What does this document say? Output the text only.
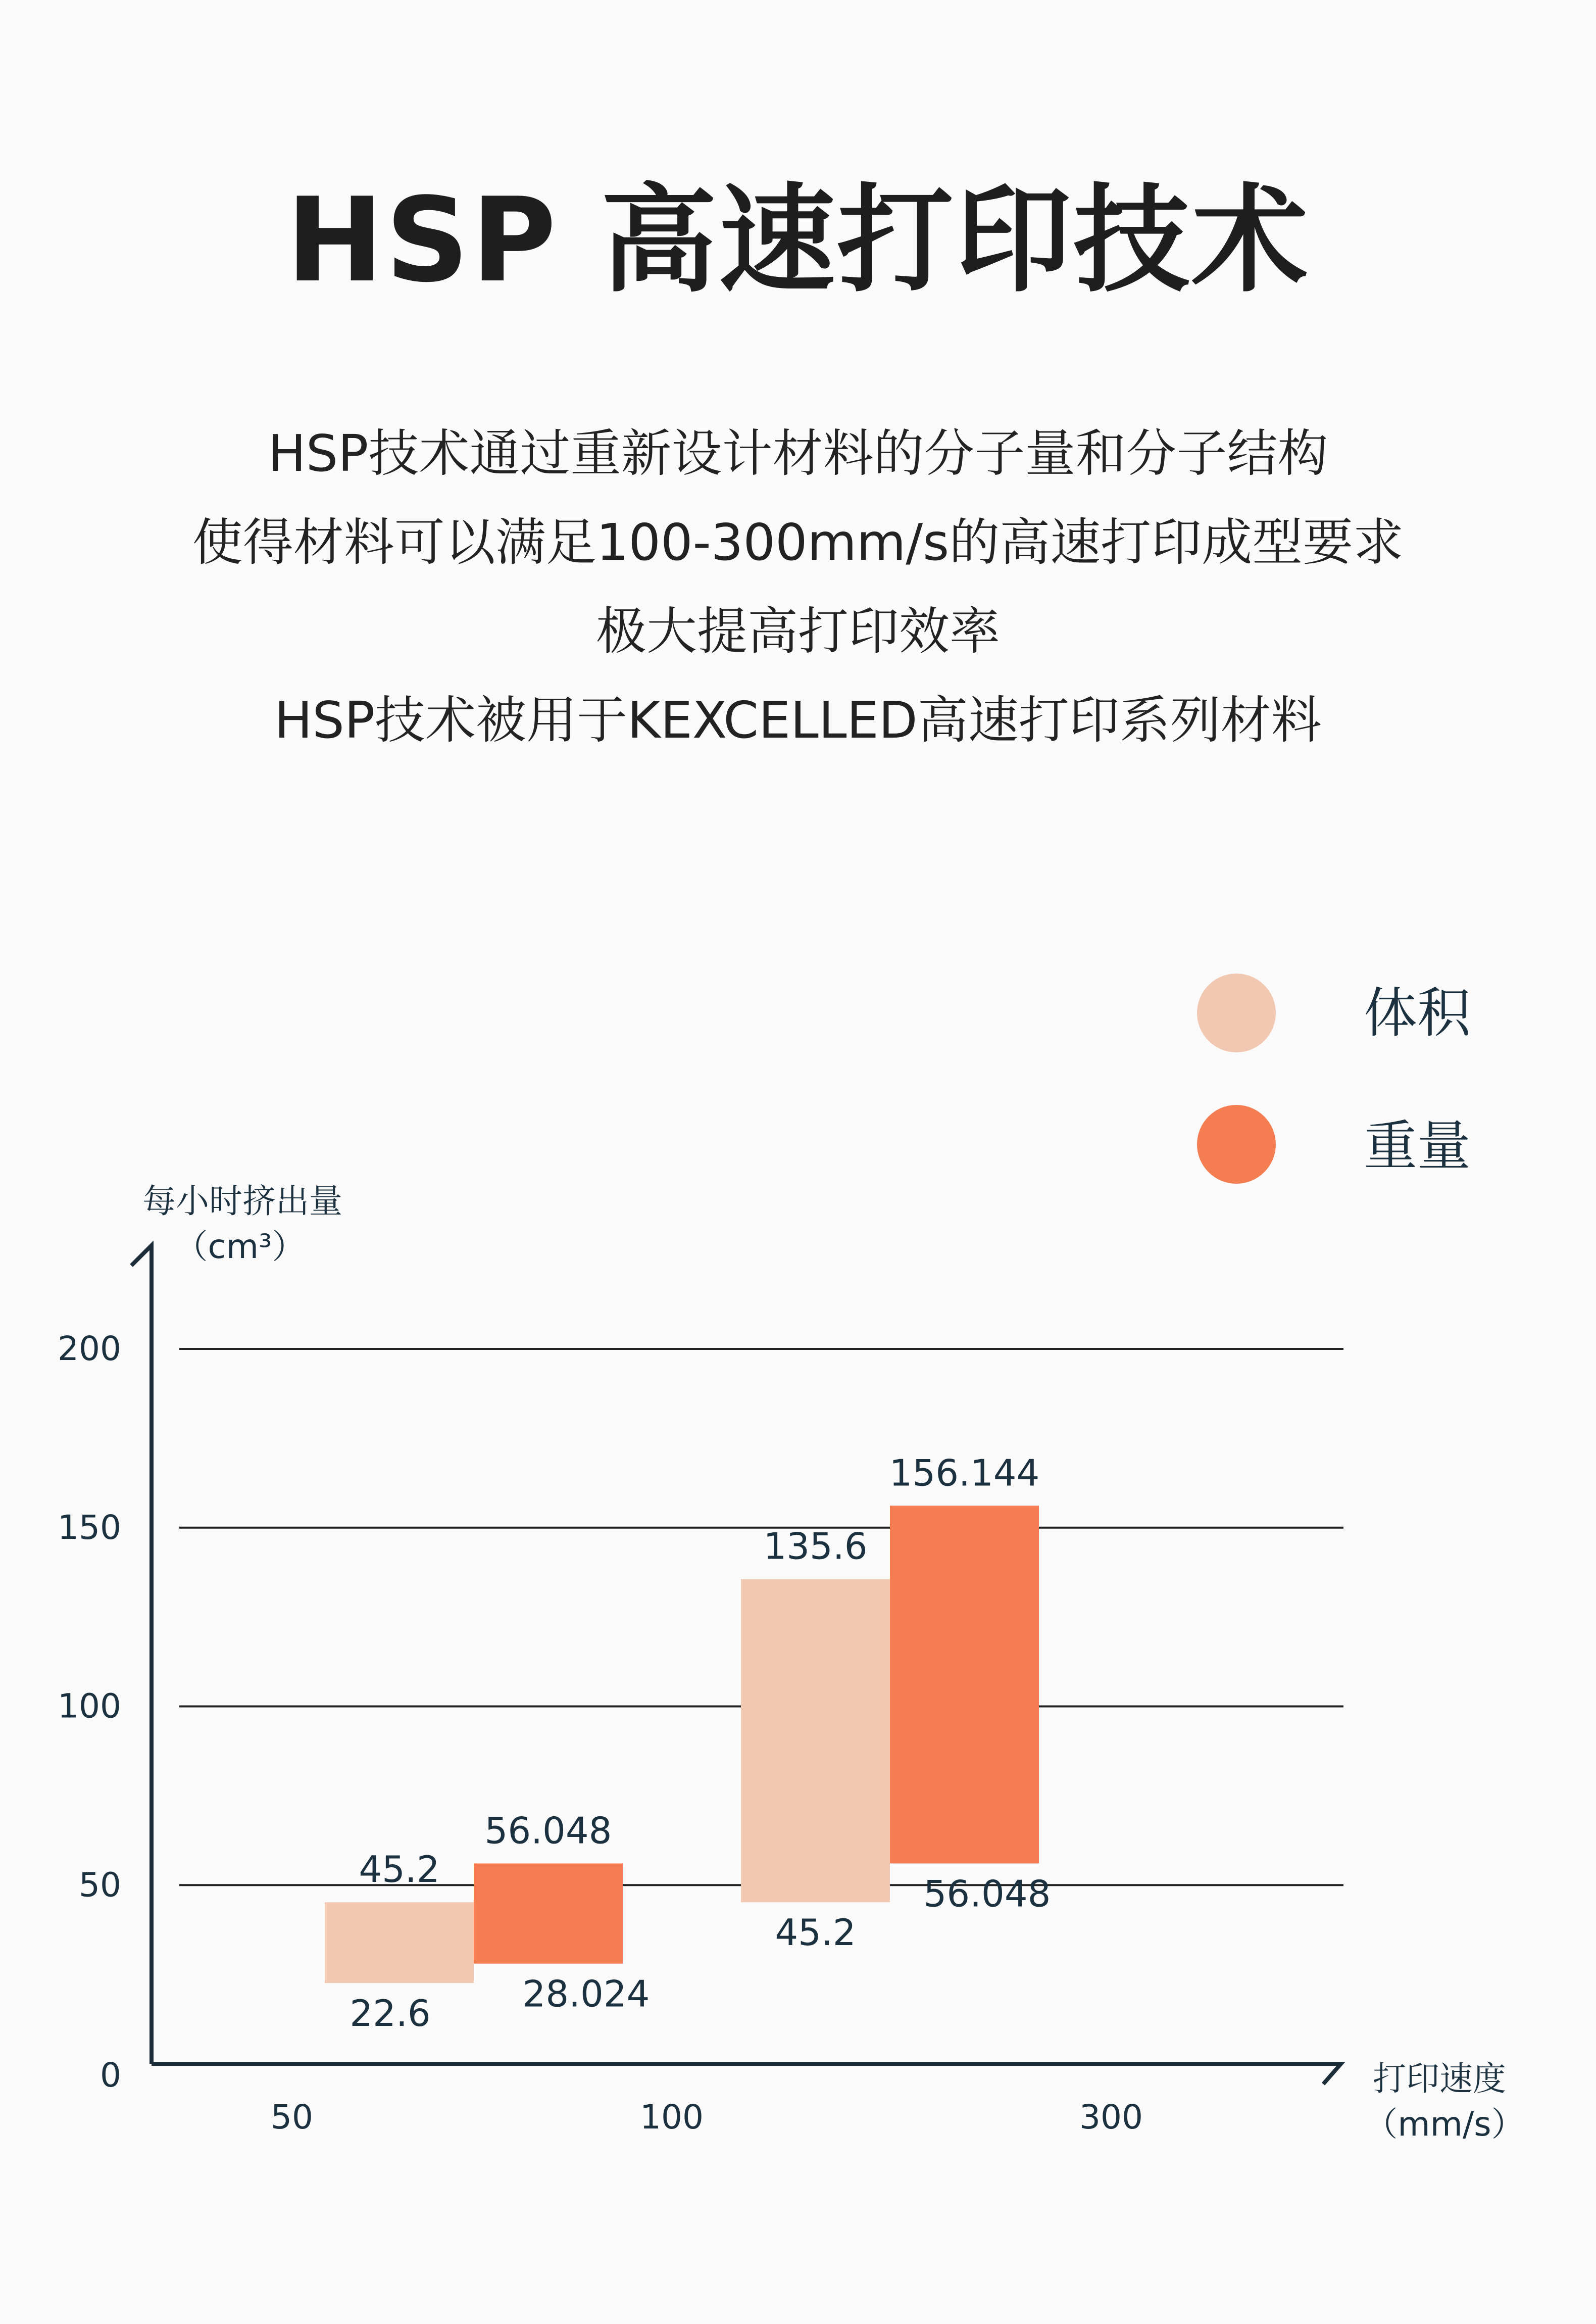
HSP 高速打印技术
HSP技术通过重新设计材料的分子量和分子结构
使得材料可以满足100-300mm/s的高速打印成型要求
极大提高打印效率
HSP技术被用于KEXCELLED高速打印系列材料
0
50
100
150
200
50	100	300
45.2
22.6
135.6
45.2
56.048
28.024
156.144
56.048
每小时挤出量
（cm³）
打印速度
（mm/s）
体积
重量
